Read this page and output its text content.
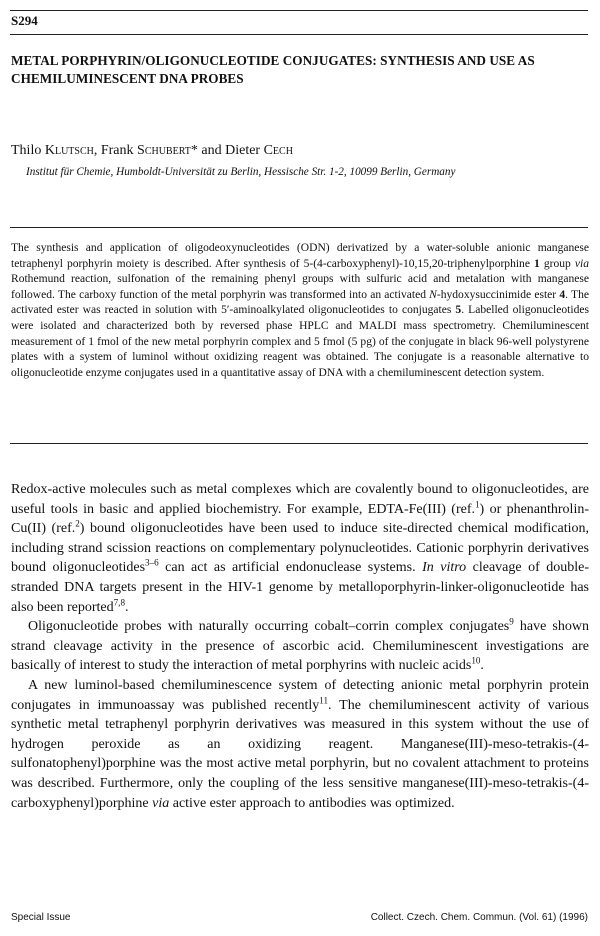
S294
METAL PORPHYRIN/OLIGONUCLEOTIDE CONJUGATES: SYNTHESIS AND USE AS CHEMILUMINESCENT DNA PROBES
Thilo Klutsch, Frank Schubert* and Dieter Cech
Institut für Chemie, Humboldt-Universität zu Berlin, Hessische Str. 1-2, 10099 Berlin, Germany

The synthesis and application of oligodeoxynucleotides (ODN) derivatized by a water-soluble anionic manganese tetraphenyl porphyrin moiety is described. After synthesis of 5-(4-carboxyphenyl)-10,15,20-triphenylporphine 1 group via Rothemund reaction, sulfonation of the remaining phenyl groups with sulfuric acid and metalation with manganese followed. The carboxy function of the metal porphyrin was transformed into an activated N-hydoxysuccinimide ester 4. The activated ester was reacted in solution with 5′-aminoalkylated oligonucleotides to conjugates 5. Labelled oligonucleotides were isolated and characterized both by reversed phase HPLC and MALDI mass spectrometry. Chemiluminescent measurement of 1 fmol of the new metal porphyrin complex and 5 fmol (5 pg) of the conjugate in black 96-well polystyrene plates with a system of luminol without oxidizing reagent was obtained. The conjugate is a reasonable alternative to oligonucleotide enzyme conjugates used in a quantitative assay of DNA with a chemiluminescent detection system.

Redox-active molecules such as metal complexes which are covalently bound to oligonucleotides, are useful tools in basic and applied biochemistry. For example, EDTA-Fe(III) (ref.$^1$) or phenanthrolin-Cu(II) (ref.$^2$) bound oligonucleotides have been used to induce site-directed chemical modification, including strand scission reactions on complementary polynucleotides. Cationic porphyrin derivatives bound oligonucleotides$^{3-6}$ can act as artificial endonuclease systems. In vitro cleavage of double-stranded DNA targets present in the HIV-1 genome by metalloporphyrin-linker-oligonucleotide has also been reported$^{7,8}$.

Oligonucleotide probes with naturally occurring cobalt–corrin complex conjugates$^9$ have shown strand cleavage activity in the presence of ascorbic acid. Chemiluminescent investigations are basically of interest to study the interaction of metal porphyrins with nucleic acids$^{10}$.

A new luminol-based chemiluminescence system of detecting anionic metal porphyrin protein conjugates in immunoassay was published recently$^{11}$. The chemiluminescent activity of various synthetic metal tetraphenyl porphyrin derivatives was measured in this system without the use of hydrogen peroxide as an oxidizing reagent. Manganese(III)-meso-tetrakis-(4-sulfonatophenyl)porphine was the most active metal porphyrin, but no covalent attachment to proteins was described. Furthermore, only the coupling of the less sensitive manganese(III)-meso-tetrakis-(4-carboxyphenyl)porphine via active ester approach to antibodies was optimized.

Special Issue	Collect. Czech. Chem. Commun. (Vol. 61) (1996)
